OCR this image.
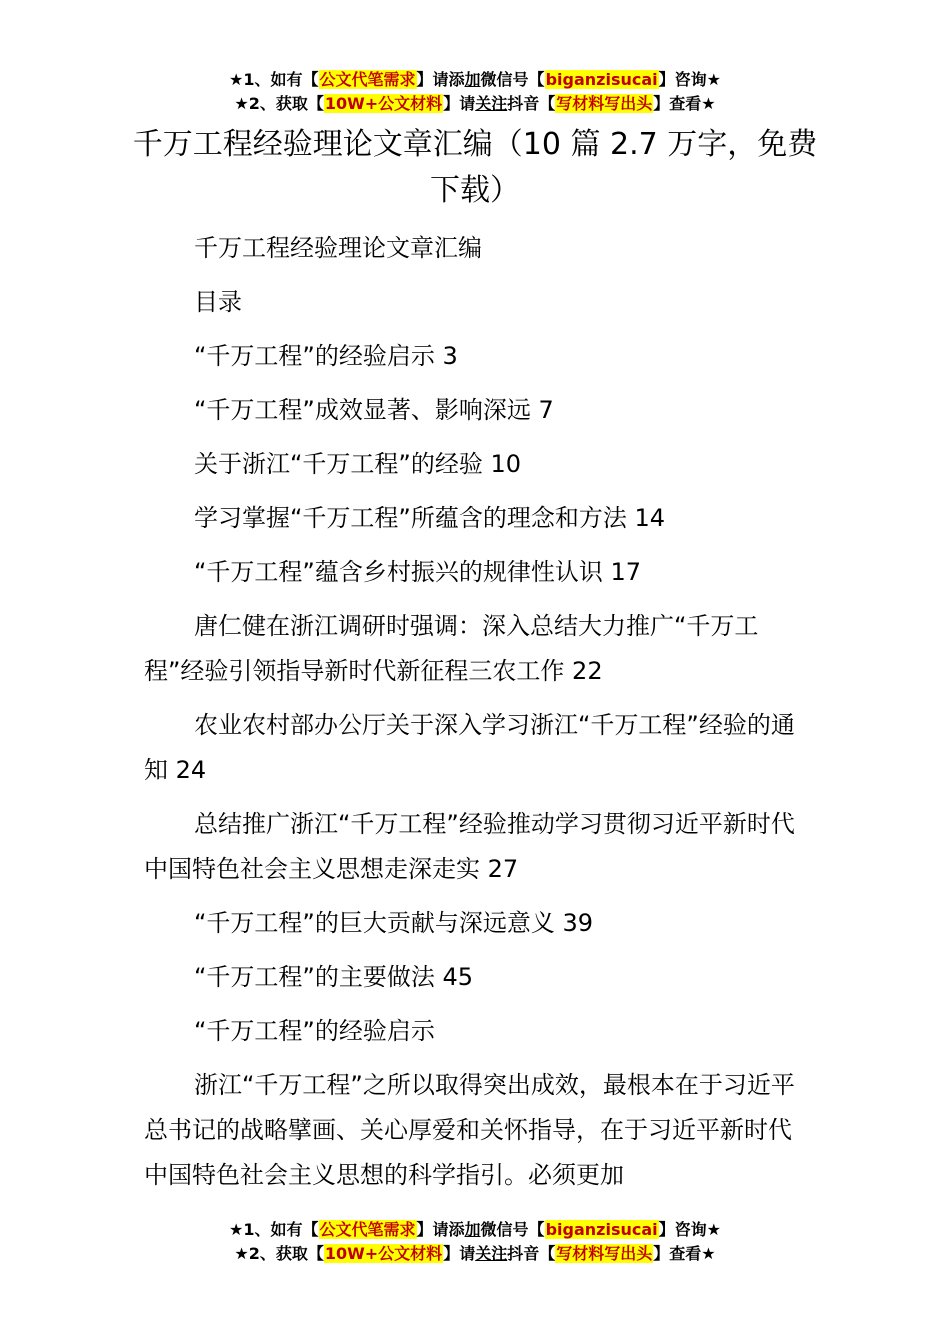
★1、如有【公文代笔需求】请添加微信号【biganzisucai】咨询★
★2、获取【10W+公文材料】请关注抖音【写材料写出头】查看★
千万工程经验理论文章汇编（10 篇 2.7 万字，免费下载）

千万工程经验理论文章汇编

目录

“千万工程”的经验启示 3

“千万工程”成效显著、影响深远 7

关于浙江“千万工程”的经验 10

学习掌握“千万工程”所蕴含的理念和方法 14

“千万工程”蕴含乡村振兴的规律性认识 17

唐仁健在浙江调研时强调：深入总结大力推广“千万工程”经验引领指导新时代新征程三农工作 22

农业农村部办公厅关于深入学习浙江“千万工程”经验的通知 24

总结推广浙江“千万工程”经验推动学习贯彻习近平新时代中国特色社会主义思想走深走实 27

“千万工程”的巨大贡献与深远意义 39

“千万工程”的主要做法 45

“千万工程”的经验启示

浙江“千万工程”之所以取得突出成效，最根本在于习近平总书记的战略擘画、关心厚爱和关怀指导，在于习近平新时代中国特色社会主义思想的科学指引。必须更加

★1、如有【公文代笔需求】请添加微信号【biganzisucai】咨询★
★2、获取【10W+公文材料】请关注抖音【写材料写出头】查看★
